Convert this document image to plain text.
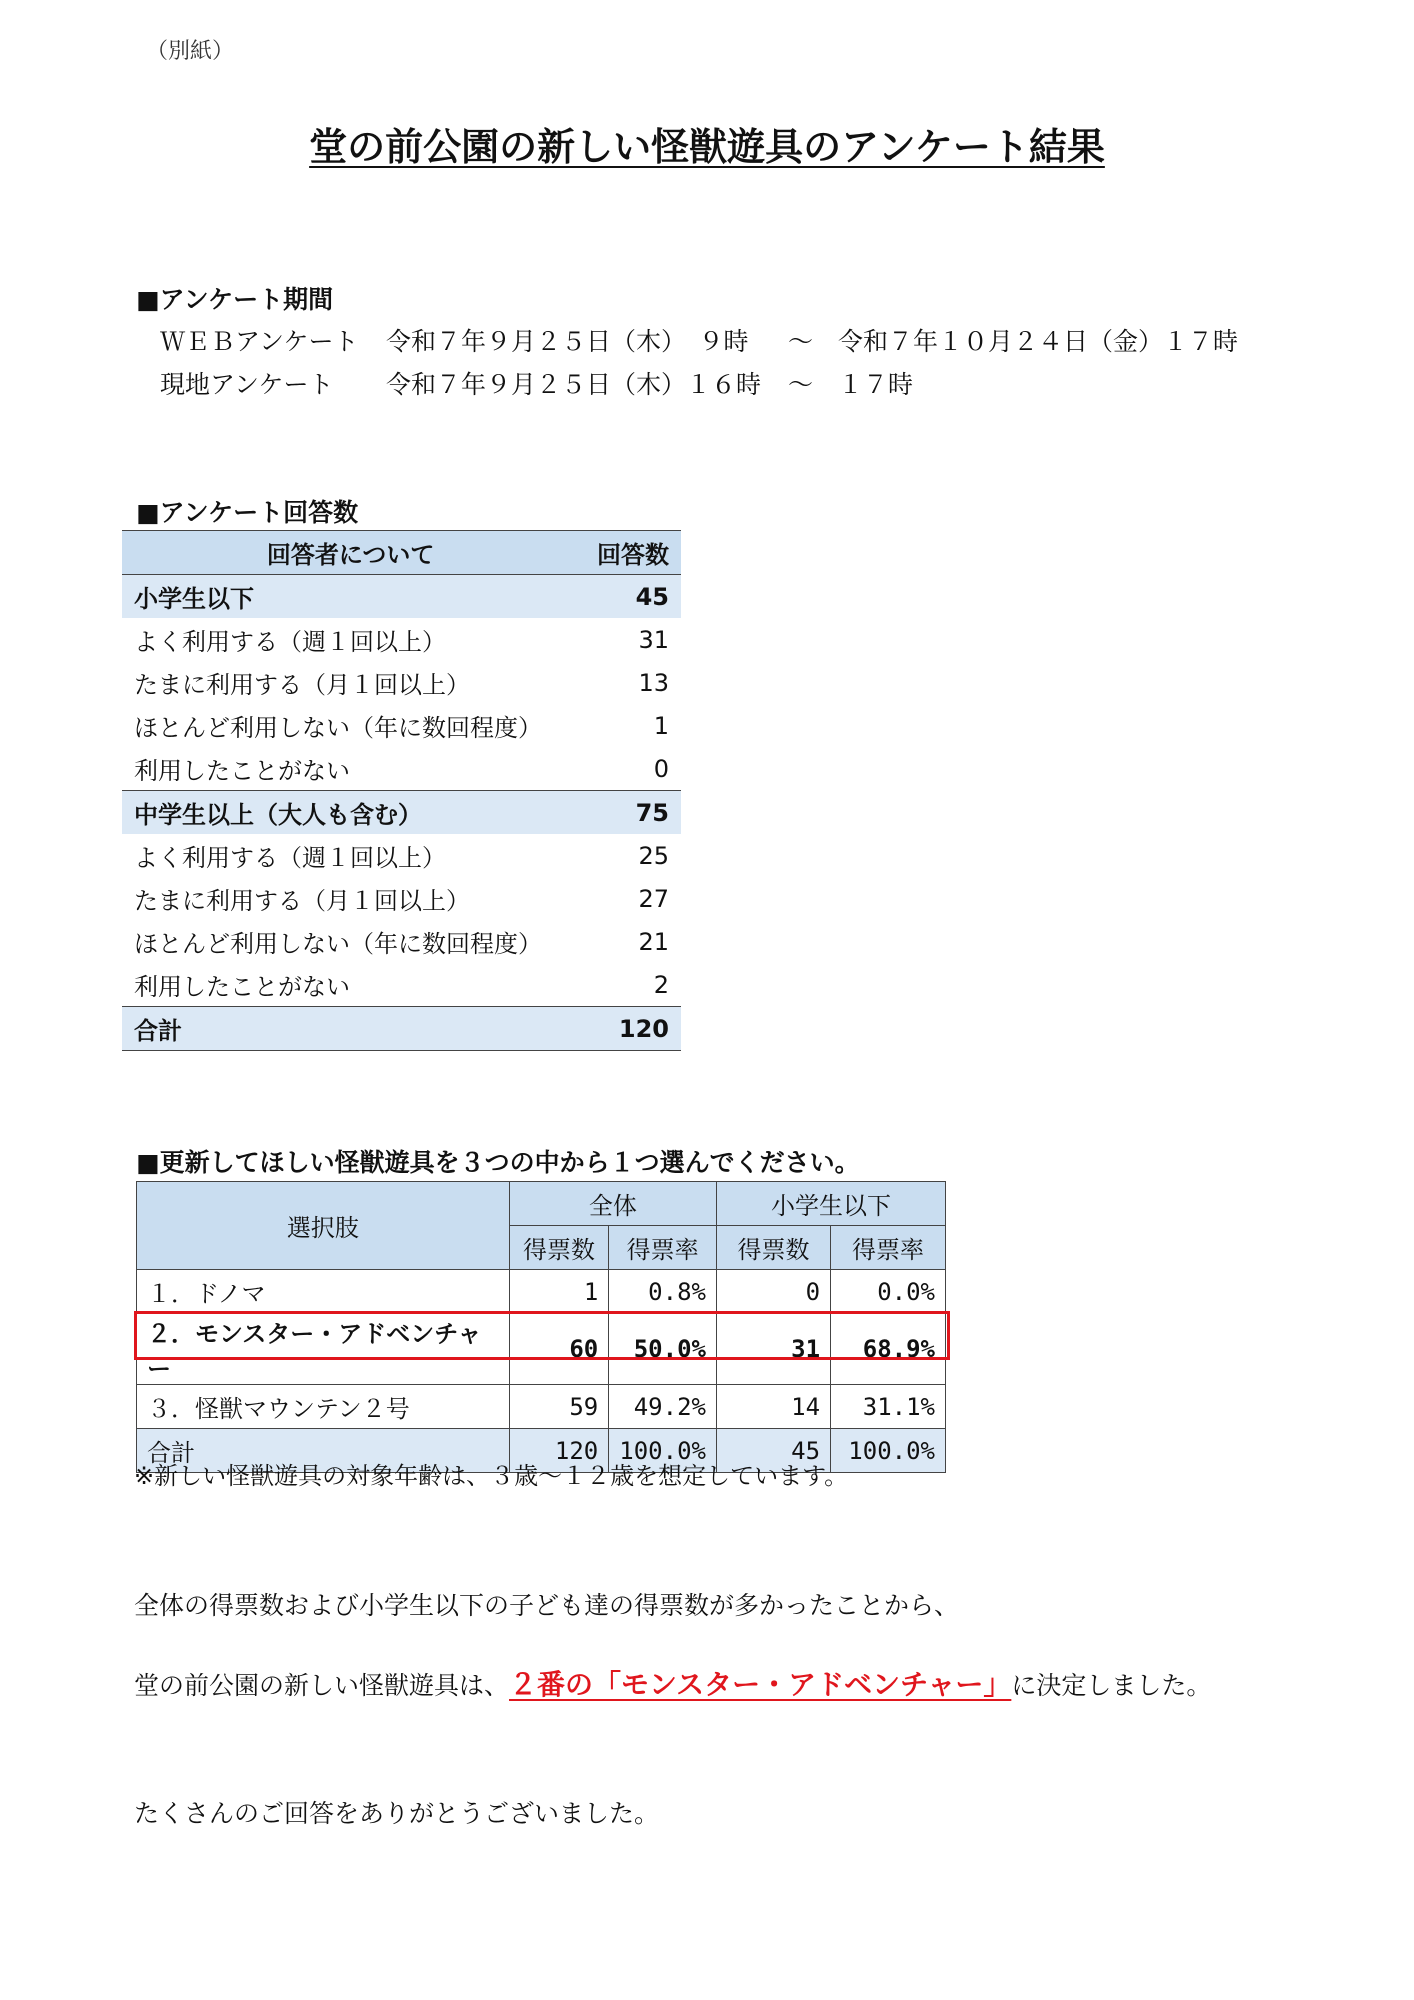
（別紙）
堂の前公園の新しい怪獣遊具のアンケート結果
■アンケート期間
ＷＥＢアンケート 令和７年９月２５日（木）　９時 ～ 令和７年１０月２４日（金）１７時
現地アンケート 令和７年９月２５日（木）１６時 ～ １７時
■アンケート回答数
回答者について	回答数
小学生以下	45
よく利用する（週１回以上）	31
たまに利用する（月１回以上）	13
ほとんど利用しない（年に数回程度）	1
利用したことがない	0
中学生以上（大人も含む）	75
よく利用する（週１回以上）	25
たまに利用する（月１回以上）	27
ほとんど利用しない（年に数回程度）	21
利用したことがない	2
合計	120
■更新してほしい怪獣遊具を３つの中から１つ選んでください。
選択肢	全体		小学生以下	
	得票数	得票率	得票数	得票率
１．ドノマ	1	0.8%	0	0.0%
２．モンスター・アドベンチャー	60	50.0%	31	68.9%
３．怪獣マウンテン２号	59	49.2%	14	31.1%
合計	120	100.0%	45	100.0%
※新しい怪獣遊具の対象年齢は、３歳～１２歳を想定しています。
全体の得票数および小学生以下の子ども達の得票数が多かったことから、
堂の前公園の新しい怪獣遊具は、２番の「モンスター・アドベンチャー」に決定しました。
たくさんのご回答をありがとうございました。
